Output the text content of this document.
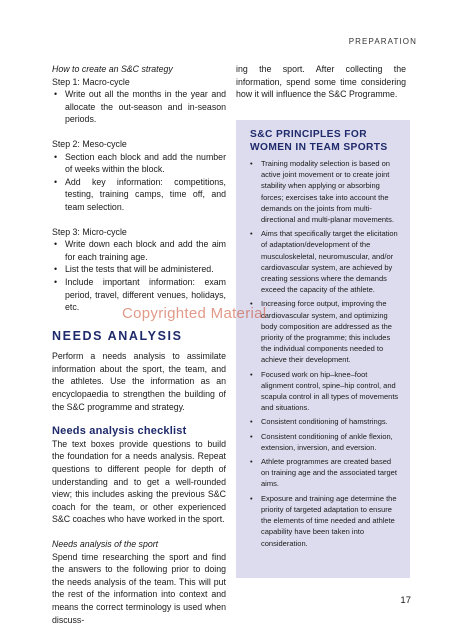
PREPARATION

How to create an S&C strategy

Step 1: Macro-cycle

• Write out all the months in the year and allocate the out-season and in-season periods.

Step 2: Meso-cycle

• Section each block and add the number of weeks within the block.
• Add key information: competitions, testing, training camps, time off, and team selection.

Step 3: Micro-cycle

• Write down each block and add the aim for each training age.
• List the tests that will be administered.
• Include important information: exam period, travel, different venues, holidays, etc.
NEEDS ANALYSIS

Perform a needs analysis to assimilate information about the sport, the team, and the athletes. Use the information as an encyclopaedia to strengthen the building of the S&C programme and strategy.

Needs analysis checklist

The text boxes provide questions to build the foundation for a needs analysis. Repeat questions to different people for depth of understanding and to get a well-rounded view; this includes asking the previous S&C coach for the team, or other experienced S&C coaches who have worked in the sport.

Needs analysis of the sport

Spend time researching the sport and find the answers to the following prior to doing the needs analysis of the team. This will put the rest of the information into context and means the correct terminology is used when discuss-

ing the sport. After collecting the information, spend some time considering how it will influence the S&C Programme.

S&C PRINCIPLES FOR WOMEN IN TEAM SPORTS
• Training modality selection is based on active joint movement or to create joint stability when applying or absorbing forces; exercises take into account the demands on the joints from multi-directional and multi-planar movements.
• Aims that specifically target the elicitation of adaptation/development of the musculoskeletal, neuromuscular, and/or cardiovascular system, are achieved by creating sessions where the demands exceed the capacity of the athlete.
• Increasing force output, improving the cardiovascular system, and optimizing body composition are addressed as the priority of the programme; this includes the individual components needed to achieve their development.
• Focused work on hip–knee–foot alignment control, spine–hip control, and scapula control in all types of movements and situations.
• Consistent conditioning of hamstrings.
• Consistent conditioning of ankle flexion, extension, inversion, and eversion.
• Athlete programmes are created based on training age and the associated target aims.
• Exposure and training age determine the priority of targeted adaptation to ensure the elements of time needed and athlete capability have been taken into consideration.
Copyrighted Material
17
